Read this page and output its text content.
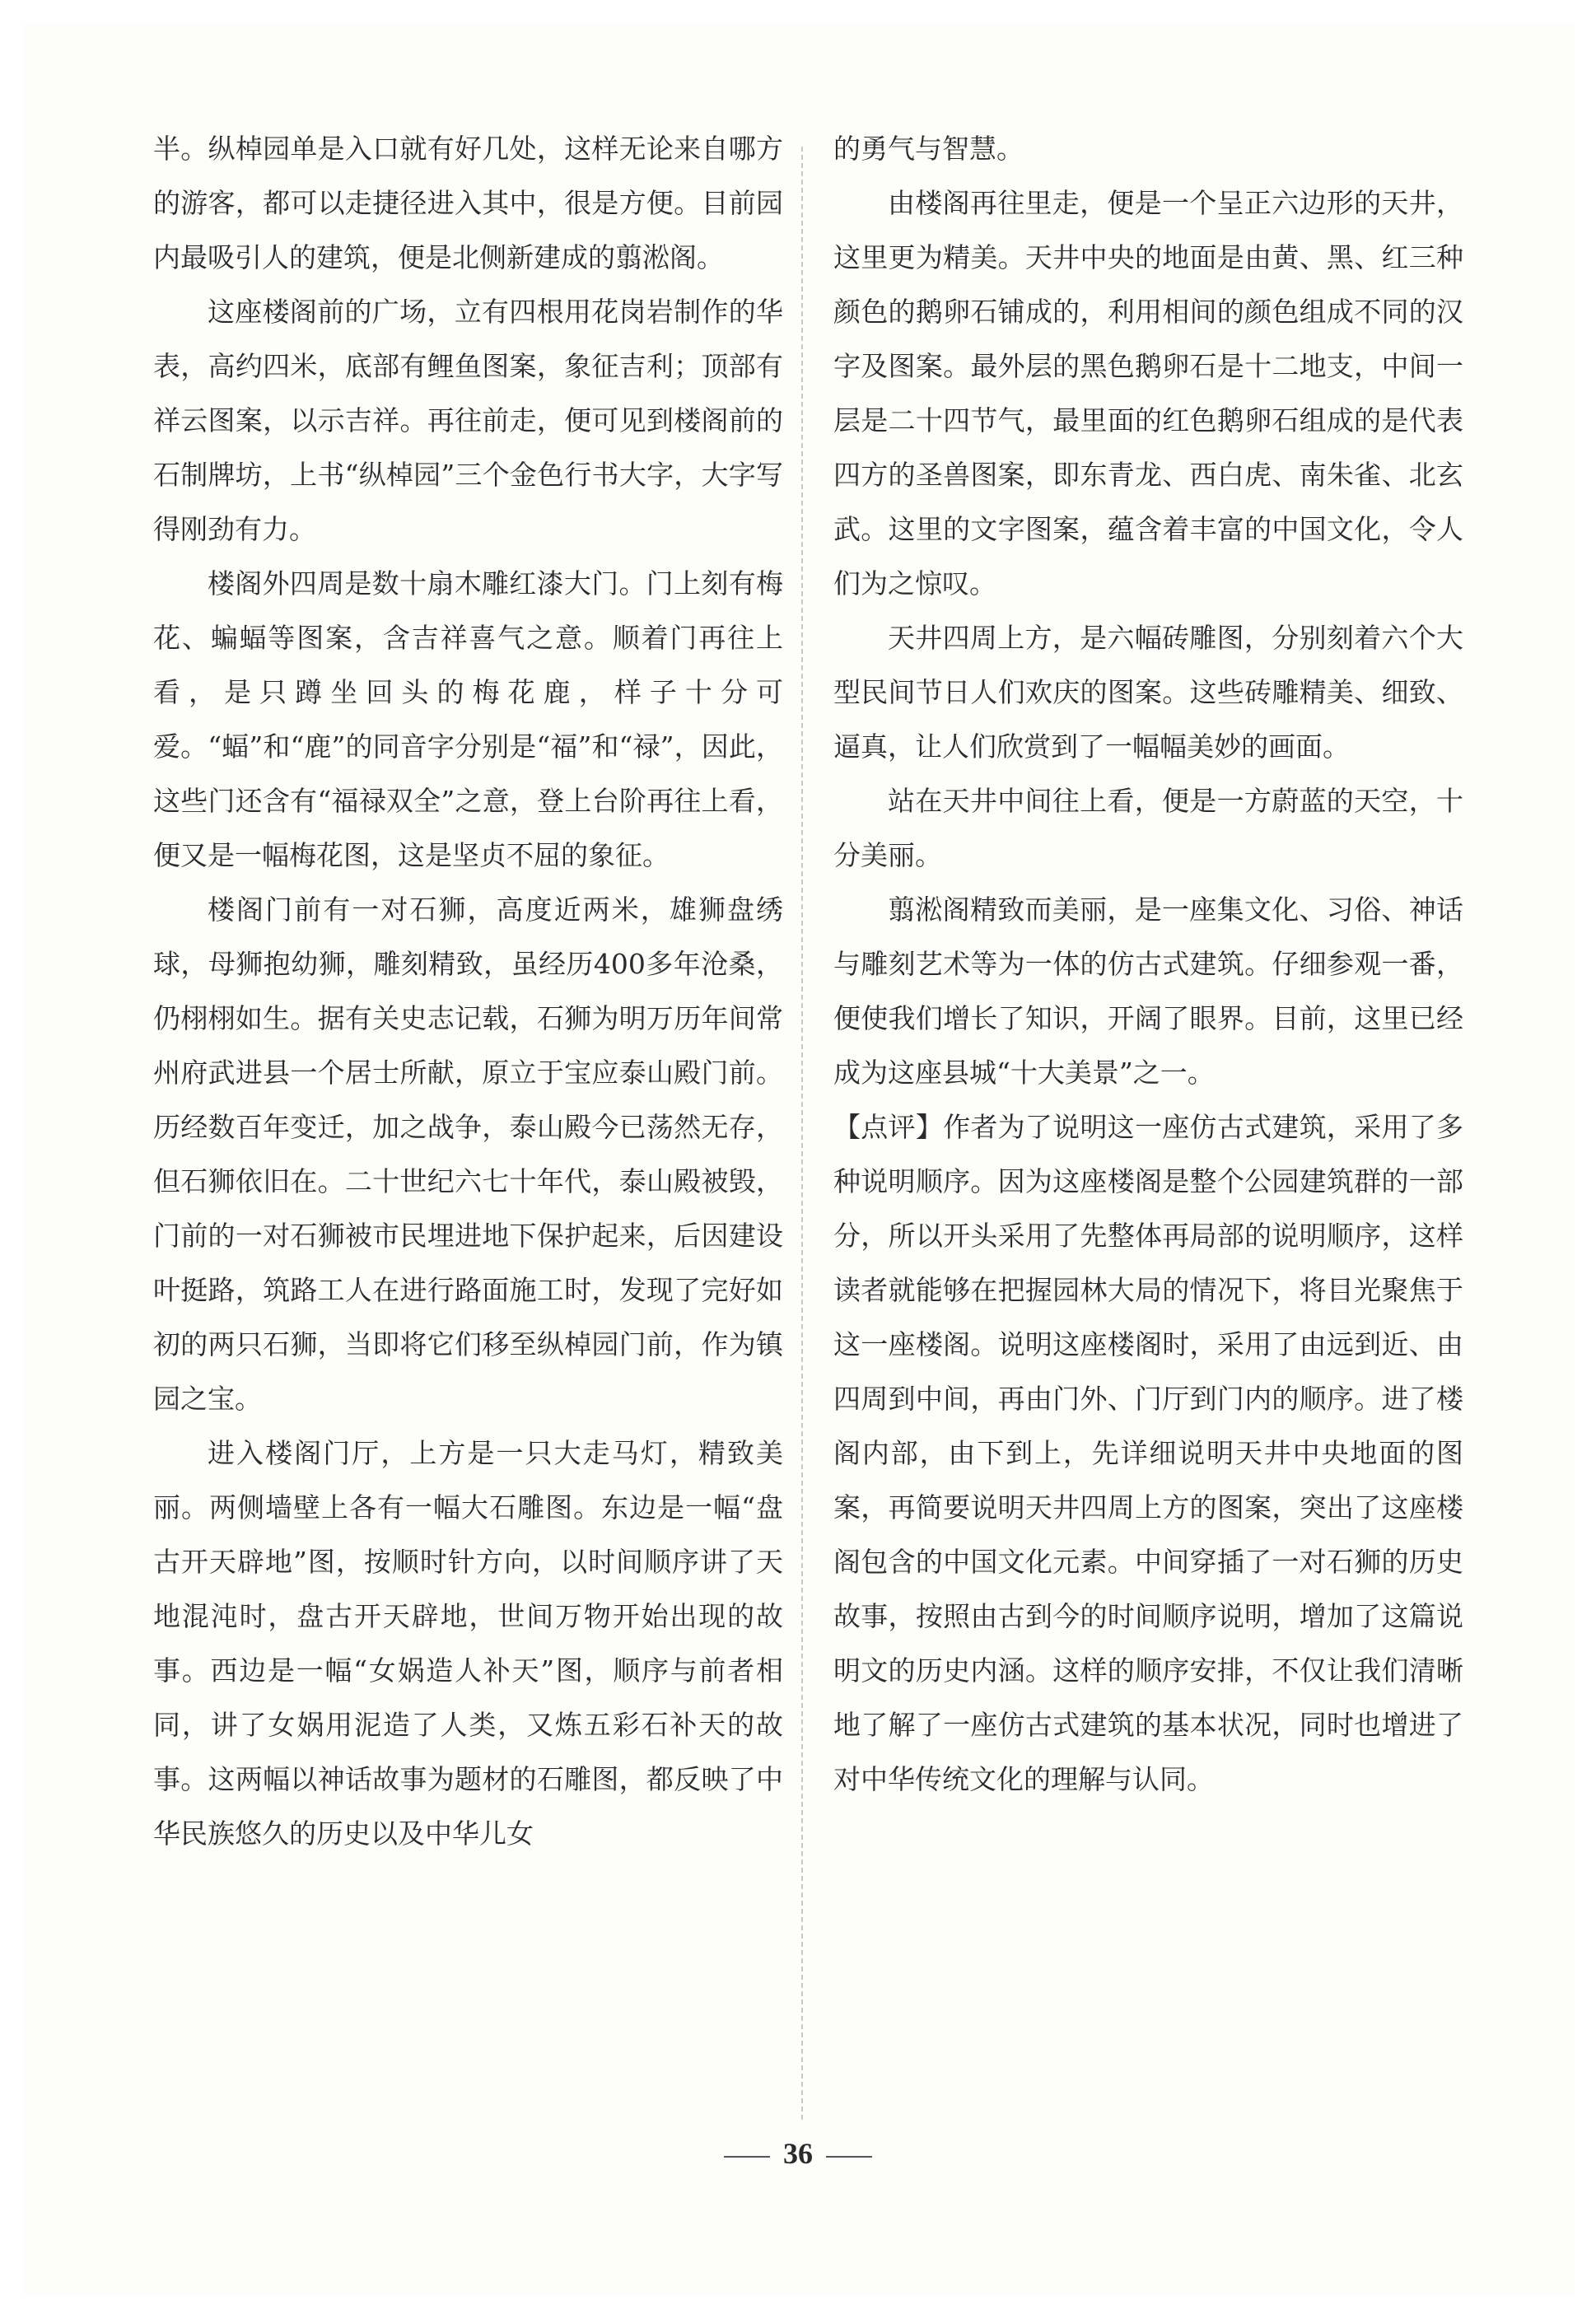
半。纵棹园单是入口就有好几处，这样无论来自哪方的游客，都可以走捷径进入其中，很是方便。目前园内最吸引人的建筑，便是北侧新建成的翦淞阁。

这座楼阁前的广场，立有四根用花岗岩制作的华表，高约四米，底部有鲤鱼图案，象征吉利；顶部有祥云图案，以示吉祥。再往前走，便可见到楼阁前的石制牌坊，上书“纵棹园”三个金色行书大字，大字写得刚劲有力。

楼阁外四周是数十扇木雕红漆大门。门上刻有梅花、蝙蝠等图案，含吉祥喜气之意。顺着门再往上看，是只蹲坐回头的梅花鹿，样子十分可爱。“蝠”和“鹿”的同音字分别是“福”和“禄”，因此，这些门还含有“福禄双全”之意，登上台阶再往上看，便又是一幅梅花图，这是坚贞不屈的象征。

楼阁门前有一对石狮，高度近两米，雄狮盘绣球，母狮抱幼狮，雕刻精致，虽经历400多年沧桑，仍栩栩如生。据有关史志记载，石狮为明万历年间常州府武进县一个居士所献，原立于宝应泰山殿门前。历经数百年变迁，加之战争，泰山殿今已荡然无存，但石狮依旧在。二十世纪六七十年代，泰山殿被毁，门前的一对石狮被市民埋进地下保护起来，后因建设叶挺路，筑路工人在进行路面施工时，发现了完好如初的两只石狮，当即将它们移至纵棹园门前，作为镇园之宝。

进入楼阁门厅，上方是一只大走马灯，精致美丽。两侧墙壁上各有一幅大石雕图。东边是一幅“盘古开天辟地”图，按顺时针方向，以时间顺序讲了天地混沌时，盘古开天辟地，世间万物开始出现的故事。西边是一幅“女娲造人补天”图，顺序与前者相同，讲了女娲用泥造了人类，又炼五彩石补天的故事。这两幅以神话故事为题材的石雕图，都反映了中华民族悠久的历史以及中华儿女

的勇气与智慧。

由楼阁再往里走，便是一个呈正六边形的天井，这里更为精美。天井中央的地面是由黄、黑、红三种颜色的鹅卵石铺成的，利用相间的颜色组成不同的汉字及图案。最外层的黑色鹅卵石是十二地支，中间一层是二十四节气，最里面的红色鹅卵石组成的是代表四方的圣兽图案，即东青龙、西白虎、南朱雀、北玄武。这里的文字图案，蕴含着丰富的中国文化，令人们为之惊叹。

天井四周上方，是六幅砖雕图，分别刻着六个大型民间节日人们欢庆的图案。这些砖雕精美、细致、逼真，让人们欣赏到了一幅幅美妙的画面。

站在天井中间往上看，便是一方蔚蓝的天空，十分美丽。

翦淞阁精致而美丽，是一座集文化、习俗、神话与雕刻艺术等为一体的仿古式建筑。仔细参观一番，便使我们增长了知识，开阔了眼界。目前，这里已经成为这座县城“十大美景”之一。

【点评】作者为了说明这一座仿古式建筑，采用了多种说明顺序。因为这座楼阁是整个公园建筑群的一部分，所以开头采用了先整体再局部的说明顺序，这样读者就能够在把握园林大局的情况下，将目光聚焦于这一座楼阁。说明这座楼阁时，采用了由远到近、由四周到中间，再由门外、门厅到门内的顺序。进了楼阁内部，由下到上，先详细说明天井中央地面的图案，再简要说明天井四周上方的图案，突出了这座楼阁包含的中国文化元素。中间穿插了一对石狮的历史故事，按照由古到今的时间顺序说明，增加了这篇说明文的历史内涵。这样的顺序安排，不仅让我们清晰地了解了一座仿古式建筑的基本状况，同时也增进了对中华传统文化的理解与认同。

36
